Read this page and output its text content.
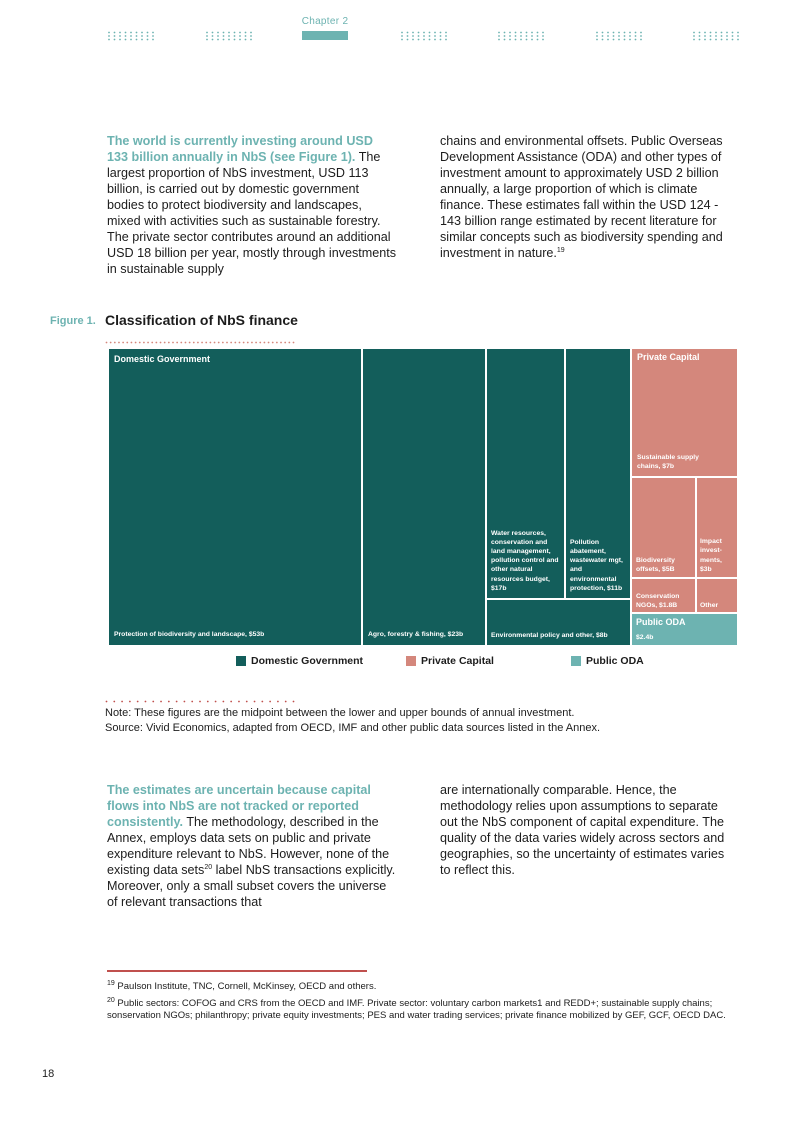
Chapter 2
The world is currently investing around USD 133 billion annually in NbS (see Figure 1). The largest proportion of NbS investment, USD 113 billion, is carried out by domestic government bodies to protect biodiversity and landscapes, mixed with activities such as sustainable forestry. The private sector contributes around an additional USD 18 billion per year, mostly through investments in sustainable supply
chains and environmental offsets. Public Overseas Development Assistance (ODA) and other types of investment amount to approximately USD 2 billion annually, a large proportion of which is climate finance. These estimates fall within the USD 124 - 143 billion range estimated by recent literature for similar concepts such as biodiversity spending and investment in nature.$^{19}$
Figure 1. Classification of NbS finance
Domestic Government
Protection of biodiversity and landscape, $53b	Agro, forestry & fishing, $23b
Water resources, conservation and land management, pollution control and other natural resources budget, $17b
Pollution abatement, wastewater mgt, and environmental protection, $11b
Environmental policy and other, $8b
Private Capital
Sustainable supply chains, $7b
Biodiversity offsets, $5B
Impact invest-ments, $3b
Conservation NGOs, $1.8B	Other
Public ODA
$2.4b
Domestic Government	Private Capital	Public ODA
Note: These figures are the midpoint between the lower and upper bounds of annual investment.
Source: Vivid Economics, adapted from OECD, IMF and other public data sources listed in the Annex.
The estimates are uncertain because capital flows into NbS are not tracked or reported consistently. The methodology, described in the Annex, employs data sets on public and private expenditure relevant to NbS. However, none of the existing data sets$^{20}$ label NbS transactions explicitly. Moreover, only a small subset covers the universe of relevant transactions that
are internationally comparable. Hence, the methodology relies upon assumptions to separate out the NbS component of capital expenditure. The quality of the data varies widely across sectors and geographies, so the uncertainty of estimates varies to reflect this.
$^{19}$ Paulson Institute, TNC, Cornell, McKinsey, OECD and others.
$^{20}$ Public sectors: COFOG and CRS from the OECD and IMF. Private sector: voluntary carbon markets1 and REDD+; sustainable supply chains; sonservation NGOs; philanthropy; private equity investments; PES and water trading services; private finance mobilized by GEF, GCF, OECD DAC.
18
